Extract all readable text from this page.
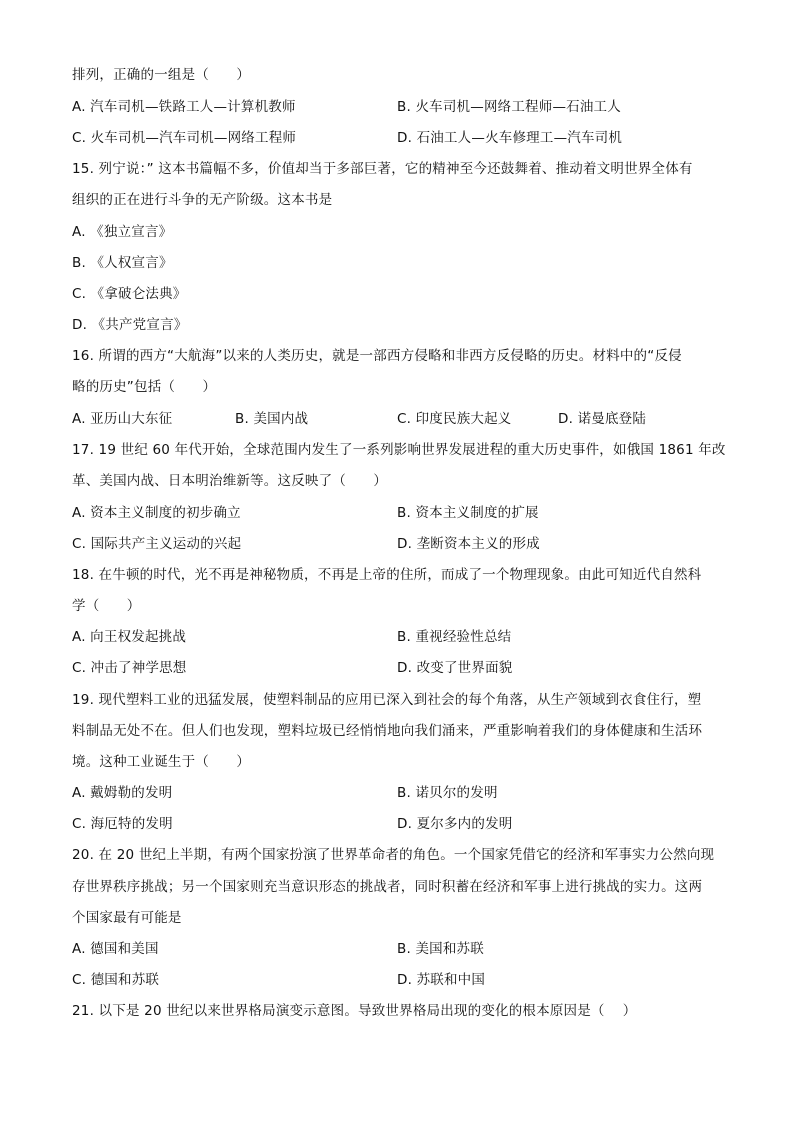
排列，正确的一组是（　　）
A. 汽车司机—铁路工人—计算机教师	B. 火车司机—网络工程师—石油工人
C. 火车司机—汽车司机—网络工程师	D. 石油工人—火车修理工—汽车司机
15. 列宁说：” 这本书篇幅不多，价值却当于多部巨著，它的精神至今还鼓舞着、推动着文明世界全体有
组织的正在进行斗争的无产阶级。这本书是
A. 《独立宣言》
B. 《人权宣言》
C. 《拿破仑法典》
D. 《共产党宣言》
16. 所谓的西方“大航海”以来的人类历史，就是一部西方侵略和非西方反侵略的历史。材料中的“反侵
略的历史”包括（　　）
A. 亚历山大东征	B. 美国内战	C. 印度民族大起义	D. 诺曼底登陆
17. 19 世纪 60 年代开始，全球范围内发生了一系列影响世界发展进程的重大历史事件，如俄国 1861 年改
革、美国内战、日本明治维新等。这反映了（　　）
A. 资本主义制度的初步确立	B. 资本主义制度的扩展
C. 国际共产主义运动的兴起	D. 垄断资本主义的形成
18. 在牛顿的时代，光不再是神秘物质，不再是上帝的住所，而成了一个物理现象。由此可知近代自然科
学（　　）
A. 向王权发起挑战	B. 重视经验性总结
C. 冲击了神学思想	D. 改变了世界面貌
19. 现代塑料工业的迅猛发展，使塑料制品的应用已深入到社会的每个角落，从生产领域到衣食住行，塑
料制品无处不在。但人们也发现，塑料垃圾已经悄悄地向我们涌来，严重影响着我们的身体健康和生活环
境。这种工业诞生于（　　）
A. 戴姆勒的发明	B. 诺贝尔的发明
C. 海厄特的发明	D. 夏尔多内的发明
20. 在 20 世纪上半期，有两个国家扮演了世界革命者的角色。一个国家凭借它的经济和军事实力公然向现
存世界秩序挑战；另一个国家则充当意识形态的挑战者，同时积蓄在经济和军事上进行挑战的实力。这两
个国家最有可能是
A. 德国和美国	B. 美国和苏联
C. 德国和苏联	D. 苏联和中国
21. 以下是 20 世纪以来世界格局演变示意图。导致世界格局出现的变化的根本原因是（　 ）
